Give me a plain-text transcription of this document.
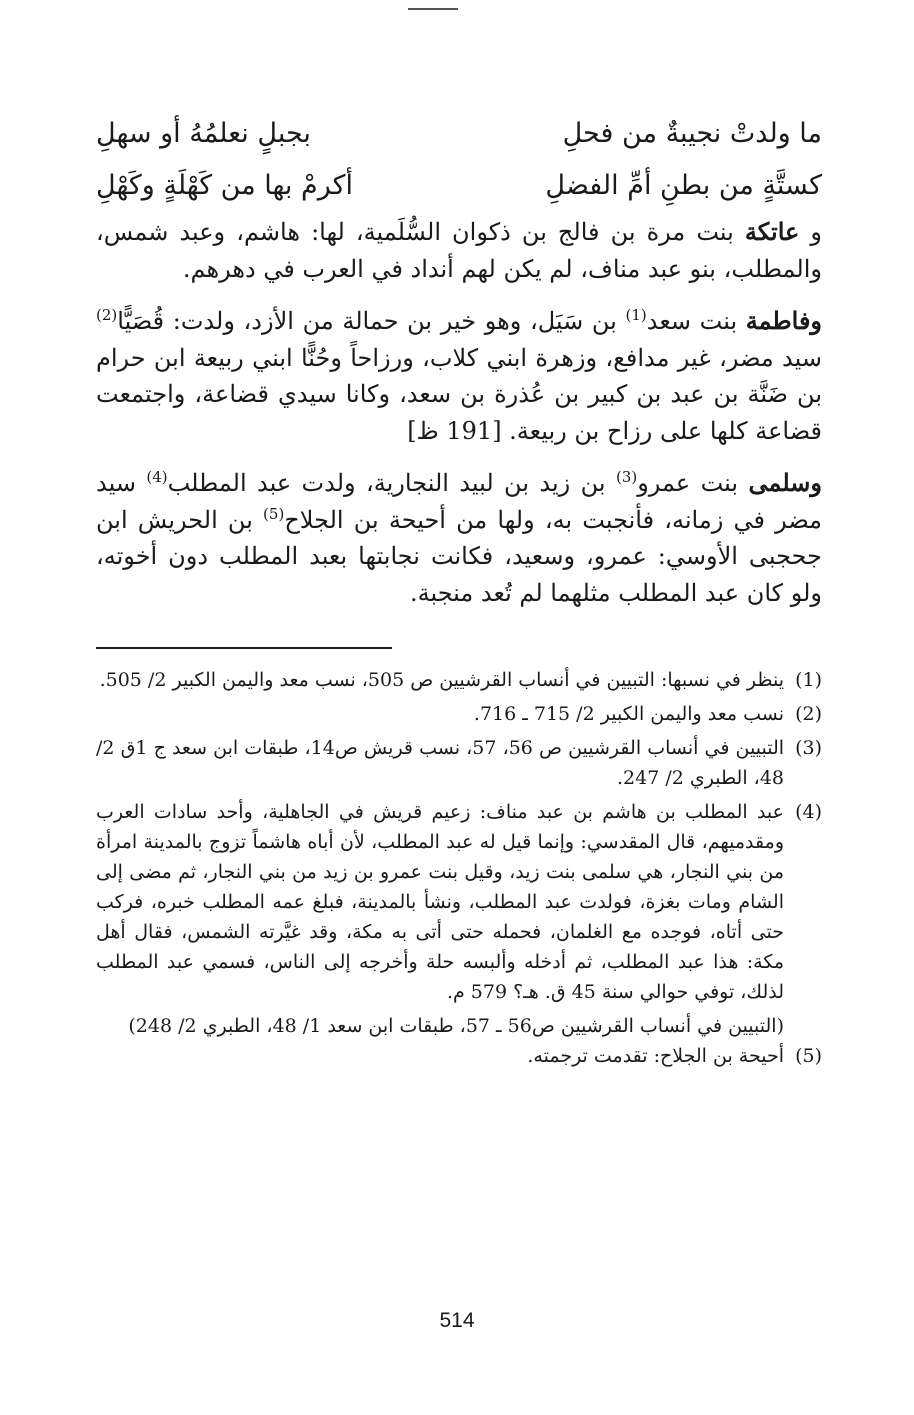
ما ولدتْ نجيبةٌ من فحلِ
بجبلٍ نعلمُهُ أو سهلِ
كستَّةٍ من بطنِ أمِّ الفضلِ
أكرمْ بها من كَهْلَةٍ وكَهْلِ

و عاتكة بنت مرة بن فالج بن ذكوان السُّلَمية، لها: هاشم، وعبد شمس، والمطلب، بنو عبد مناف، لم يكن لهم أنداد في العرب في دهرهم.

وفاطمة بنت سعد$^{(1)}$ بن سَيَل، وهو خير بن حمالة من الأزد، ولدت: قُصَيًّا$^{(2)}$ سيد مضر، غير مدافع، وزهرة ابني كلاب، ورزاحاً وحُنًّا ابني ربيعة ابن حرام بن ضَنَّة بن عبد بن كبير بن عُذرة بن سعد، وكانا سيدي قضاعة، واجتمعت قضاعة كلها على رزاح بن ربيعة. [191 ظ]

وسلمى بنت عمرو$^{(3)}$ بن زيد بن لبيد النجارية، ولدت عبد المطلب$^{(4)}$ سيد مضر في زمانه، فأنجبت به، ولها من أحيحة بن الجلاح$^{(5)}$ بن الحريش ابن جحجبى الأوسي: عمرو، وسعيد، فكانت نجابتها بعبد المطلب دون أخوته، ولو كان عبد المطلب مثلهما لم تُعد منجبة.

(1)
ينظر في نسبها: التبيين في أنساب القرشيين ص 505، نسب معد واليمن الكبير 2/ 505.
(2)
نسب معد واليمن الكبير 2/ 715 ـ 716.
(3)
التبيين في أنساب القرشيين ص 56، 57، نسب قريش ص14، طبقات ابن سعد ج 1ق 2/ 48، الطبري 2/ 247.
(4)
عبد المطلب بن هاشم بن عبد مناف: زعيم قريش في الجاهلية، وأحد سادات العرب ومقدميهم، قال المقدسي: وإنما قيل له عبد المطلب، لأن أباه هاشماً تزوج بالمدينة امرأة من بني النجار، هي سلمى بنت زيد، وقيل بنت عمرو بن زيد من بني النجار، ثم مضى إلى الشام ومات بغزة، فولدت عبد المطلب، ونشأ بالمدينة، فبلغ عمه المطلب خبره، فركب حتى أتاه، فوجده مع الغلمان، فحمله حتى أتى به مكة، وقد غيَّرته الشمس، فقال أهل مكة: هذا عبد المطلب، ثم أدخله وألبسه حلة وأخرجه إلى الناس، فسمي عبد المطلب لذلك، توفي حوالي سنة 45 ق. هـ؟ 579 م.
(التبيين في أنساب القرشيين ص56 ـ 57، طبقات ابن سعد 1/ 48، الطبري 2/ 248)
(5)
أحيحة بن الجلاح: تقدمت ترجمته.
514
